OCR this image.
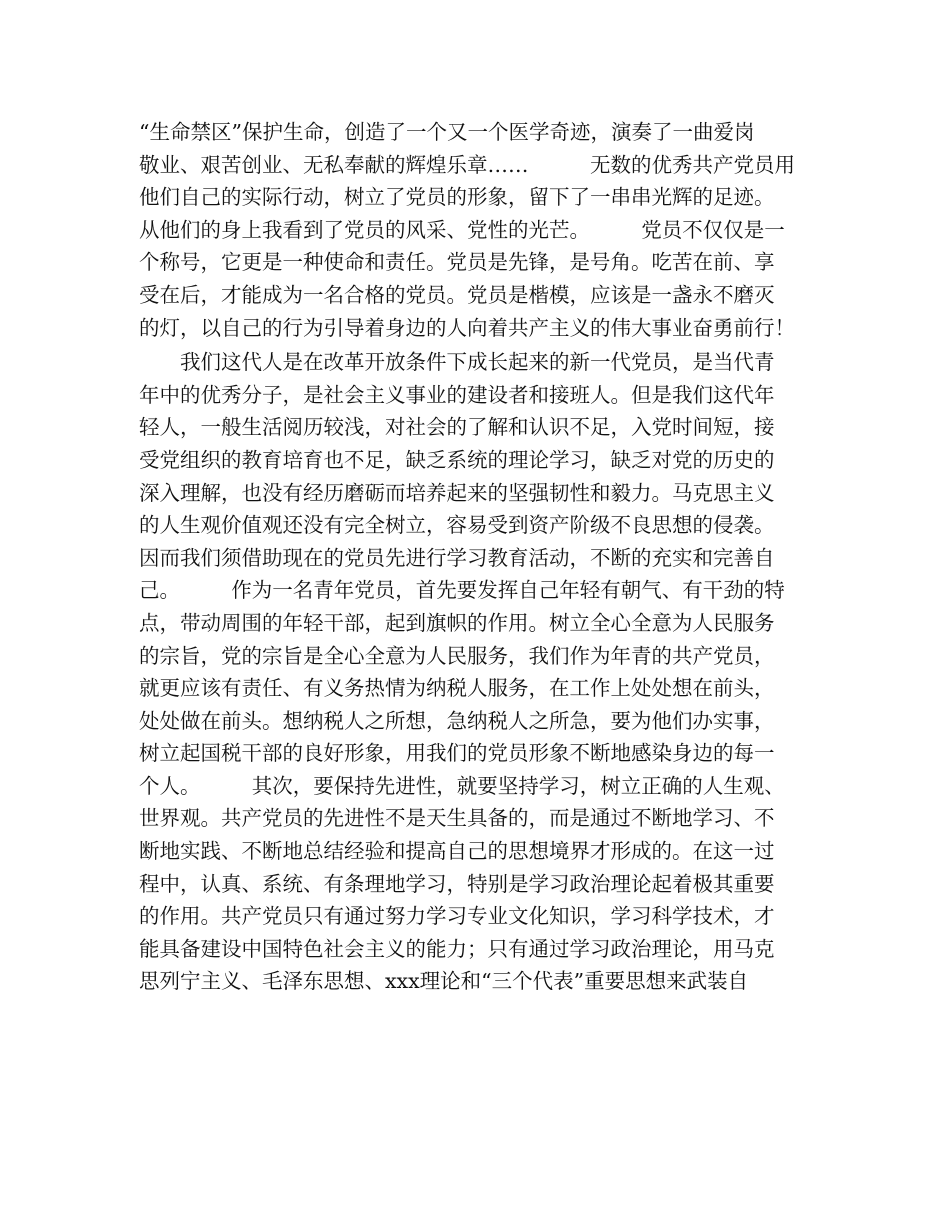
“生命禁区”保护生命，创造了一个又一个医学奇迹，演奏了一曲爱岗

敬业、艰苦创业、无私奉献的辉煌乐章……　　　无数的优秀共产党员用

他们自己的实际行动，树立了党员的形象，留下了一串串光辉的足迹。

从他们的身上我看到了党员的风采、党性的光芒。　　　党员不仅仅是一

个称号，它更是一种使命和责任。党员是先锋，是号角。吃苦在前、享

受在后，才能成为一名合格的党员。党员是楷模，应该是一盏永不磨灭

的灯，以自己的行为引导着身边的人向着共产主义的伟大事业奋勇前行！

　　我们这代人是在改革开放条件下成长起来的新一代党员，是当代青

年中的优秀分子，是社会主义事业的建设者和接班人。但是我们这代年

轻人，一般生活阅历较浅，对社会的了解和认识不足，入党时间短，接

受党组织的教育培育也不足，缺乏系统的理论学习，缺乏对党的历史的

深入理解，也没有经历磨砺而培养起来的坚强韧性和毅力。马克思主义

的人生观价值观还没有完全树立，容易受到资产阶级不良思想的侵袭。

因而我们须借助现在的党员先进行学习教育活动，不断的充实和完善自

己。　　　作为一名青年党员，首先要发挥自己年轻有朝气、有干劲的特

点，带动周围的年轻干部，起到旗帜的作用。树立全心全意为人民服务

的宗旨，党的宗旨是全心全意为人民服务，我们作为年青的共产党员，

就更应该有责任、有义务热情为纳税人服务，在工作上处处想在前头，

处处做在前头。想纳税人之所想，急纳税人之所急，要为他们办实事，

树立起国税干部的良好形象，用我们的党员形象不断地感染身边的每一

个人。　　　其次，要保持先进性，就要坚持学习，树立正确的人生观、

世界观。共产党员的先进性不是天生具备的，而是通过不断地学习、不

断地实践、不断地总结经验和提高自己的思想境界才形成的。在这一过

程中，认真、系统、有条理地学习，特别是学习政治理论起着极其重要

的作用。共产党员只有通过努力学习专业文化知识，学习科学技术，才

能具备建设中国特色社会主义的能力；只有通过学习政治理论，用马克

思列宁主义、毛泽东思想、xxx理论和“三个代表”重要思想来武装自
